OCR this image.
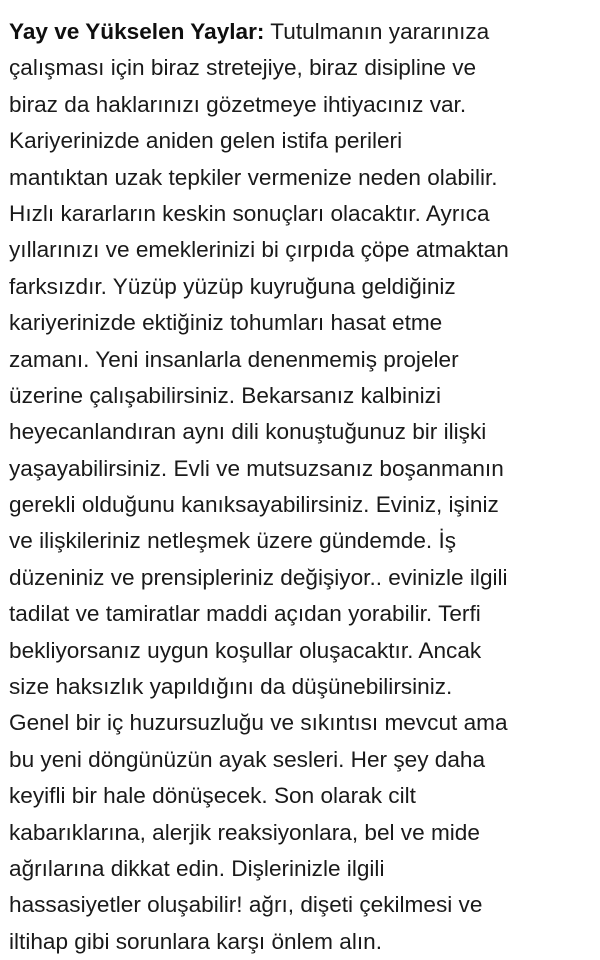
Yay ve Yükselen Yaylar: Tutulmanın yararınıza
çalışması için biraz stretejiye, biraz disipline ve
biraz da haklarınızı gözetmeye ihtiyacınız var.
Kariyerinizde aniden gelen istifa perileri
mantıktan uzak tepkiler vermenize neden olabilir.
Hızlı kararların keskin sonuçları olacaktır. Ayrıca
yıllarınızı ve emeklerinizi bi çırpıda çöpe atmaktan
farksızdır. Yüzüp yüzüp kuyruğuna geldiğiniz
kariyerinizde ektiğiniz tohumları hasat etme
zamanı. Yeni insanlarla denenmemiş projeler
üzerine çalışabilirsiniz. Bekarsanız kalbinizi
heyecanlandıran aynı dili konuştuğunuz bir ilişki
yaşayabilirsiniz. Evli ve mutsuzsanız boşanmanın
gerekli olduğunu kanıksayabilirsiniz. Eviniz, işiniz
ve ilişkileriniz netleşmek üzere gündemde. İş
düzeniniz ve prensipleriniz değişiyor.. evinizle ilgili
tadilat ve tamiratlar maddi açıdan yorabilir. Terfi
bekliyorsanız uygun koşullar oluşacaktır. Ancak
size haksızlık yapıldığını da düşünebilirsiniz.
Genel bir iç huzursuzluğu ve sıkıntısı mevcut ama
bu yeni döngünüzün ayak sesleri. Her şey daha
keyifli bir hale dönüşecek. Son olarak cilt
kabarıklarına, alerjik reaksiyonlara, bel ve mide
ağrılarına dikkat edin. Dişlerinizle ilgili
hassasiyetler oluşabilir! ağrı, dişeti çekilmesi ve
iltihap gibi sorunlara karşı önlem alın.
